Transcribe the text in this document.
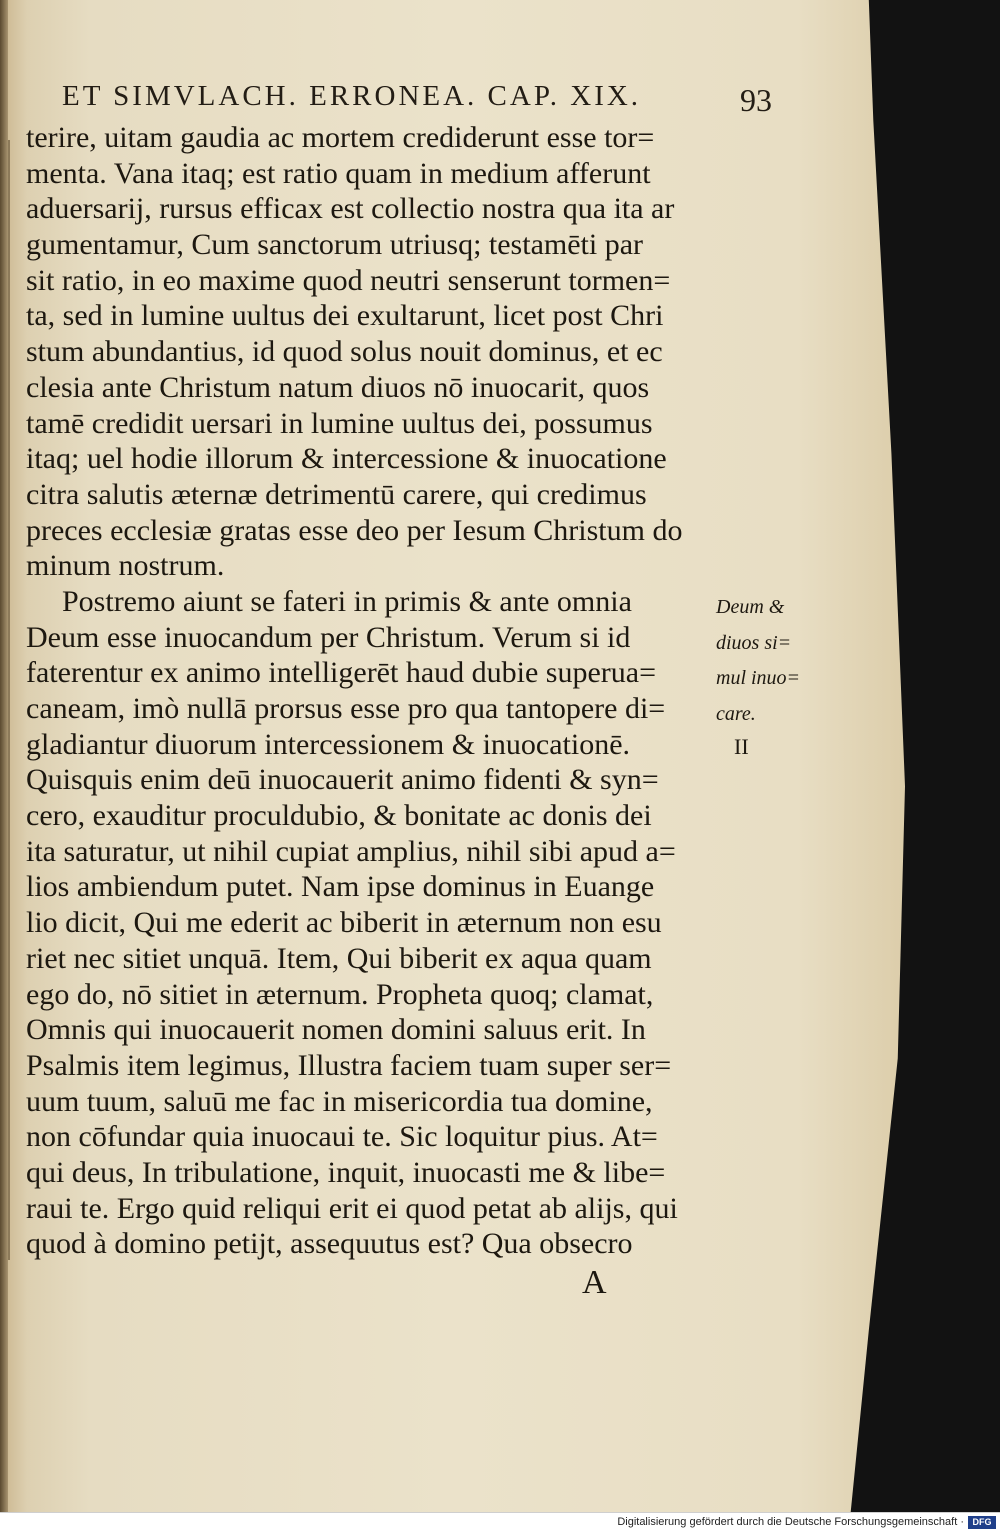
ET SIMVLACH. ERRONEA. CAP. XIX.	93
terire, uitam gaudia ac mortem crediderunt esse tor=
menta. Vana itaq; est ratio quam in medium afferunt
aduersarij, rursus efficax est collectio nostra qua ita ar
gumentamur, Cum sanctorum utriusq; testamēti par
sit ratio, in eo maxime quod neutri senserunt tormen=
ta, sed in lumine uultus dei exultarunt, licet post Chri
stum abundantius, id quod solus nouit dominus, et ec
clesia ante Christum natum diuos nō inuocarit, quos
tamē credidit uersari in lumine uultus dei, possumus
itaq; uel hodie illorum & intercessione & inuocatione
citra salutis æternæ detrimentū carere, qui credimus
preces ecclesiæ gratas esse deo per Iesum Christum do
minum nostrum.
Postremo aiunt se fateri in primis & ante omnia
Deum esse inuocandum per Christum. Verum si id
faterentur ex animo intelligerēt haud dubie superua=
caneam, imò nullā prorsus esse pro qua tantopere di=
gladiantur diuorum intercessionem & inuocationē.
Quisquis enim deū inuocauerit animo fidenti & syn=
cero, exauditur proculdubio, & bonitate ac donis dei
ita saturatur, ut nihil cupiat amplius, nihil sibi apud a=
lios ambiendum putet. Nam ipse dominus in Euange
lio dicit, Qui me ederit ac biberit in æternum non esu
riet nec sitiet unquā. Item, Qui biberit ex aqua quam
ego do, nō sitiet in æternum. Propheta quoq; clamat,
Omnis qui inuocauerit nomen domini saluus erit. In
Psalmis item legimus, Illustra faciem tuam super ser=
uum tuum, saluū me fac in misericordia tua domine,
non cōfundar quia inuocaui te. Sic loquitur pius. At=
qui deus, In tribulatione, inquit, inuocasti me & libe=
raui te. Ergo quid reliqui erit ei quod petat ab alijs, qui
quod à domino petijt, assequutus est? Qua obsecro
Deum &
diuos si=
mul inuo=
care.
II
A
Digitalisierung gefördert durch die Deutsche Forschungsgemeinschaft · DFG
